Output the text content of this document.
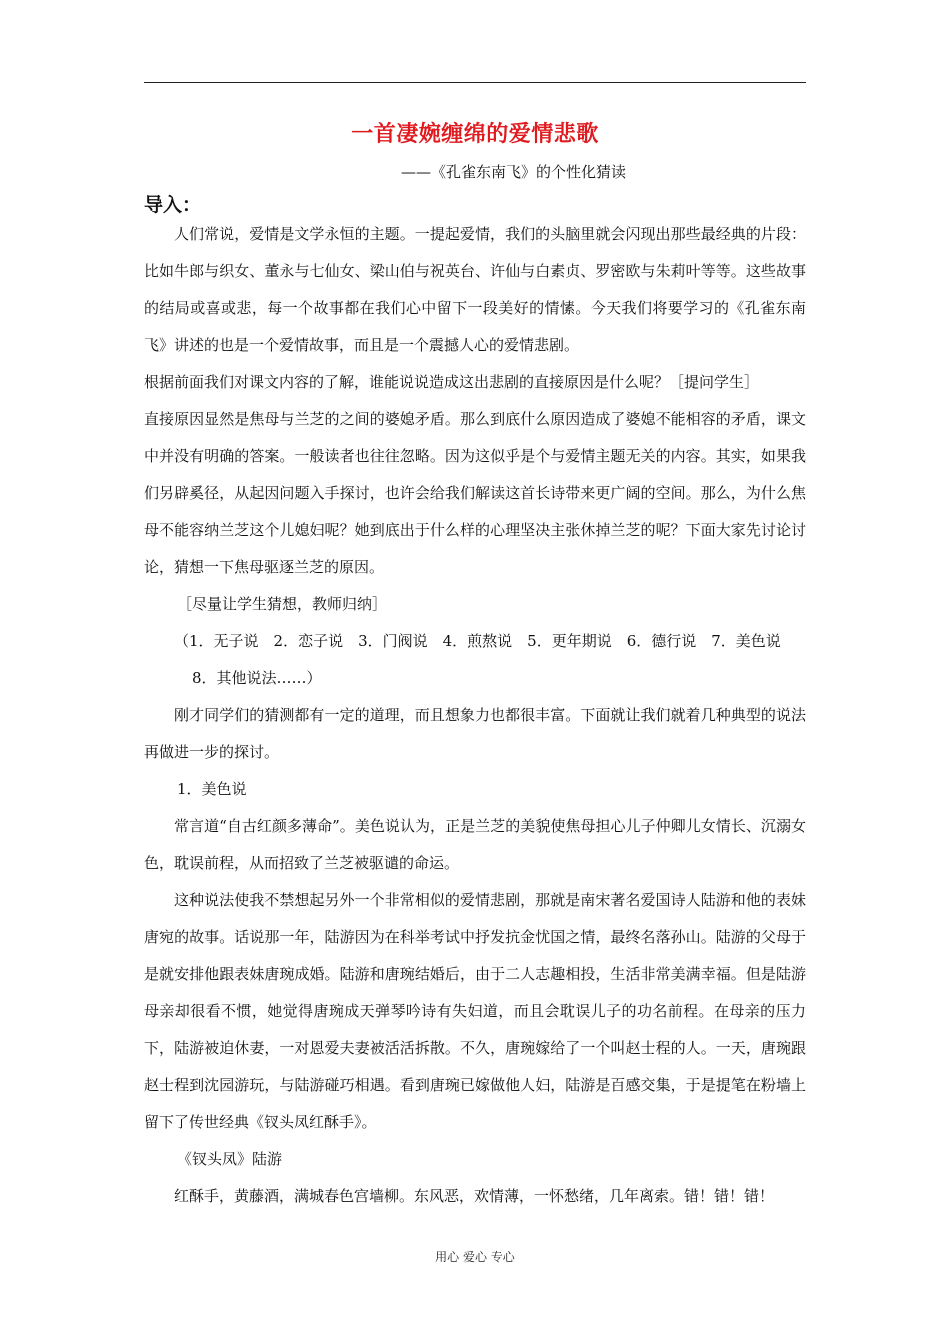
一首凄婉缠绵的爱情悲歌
——《孔雀东南飞》的个性化猜读
导入：

人们常说，爱情是文学永恒的主题。一提起爱情，我们的头脑里就会闪现出那些最经典的片段：比如牛郎与织女、董永与七仙女、梁山伯与祝英台、许仙与白素贞、罗密欧与朱莉叶等等。这些故事的结局或喜或悲，每一个故事都在我们心中留下一段美好的情愫。今天我们将要学习的《孔雀东南飞》讲述的也是一个爱情故事，而且是一个震撼人心的爱情悲剧。

根据前面我们对课文内容的了解，谁能说说造成这出悲剧的直接原因是什么呢？［提问学生］

直接原因显然是焦母与兰芝的之间的婆媳矛盾。那么到底什么原因造成了婆媳不能相容的矛盾，课文中并没有明确的答案。一般读者也往往忽略。因为这似乎是个与爱情主题无关的内容。其实，如果我们另辟奚径，从起因问题入手探讨，也许会给我们解读这首长诗带来更广阔的空间。那么，为什么焦母不能容纳兰芝这个儿媳妇呢？她到底出于什么样的心理坚决主张休掉兰芝的呢？下面大家先讨论讨论，猜想一下焦母驱逐兰芝的原因。

［尽量让学生猜想，教师归纳］

（1．无子说　2．恋子说　3．门阀说　4．煎熬说　5．更年期说　6．德行说　7．美色说

8．其他说法……）

刚才同学们的猜测都有一定的道理，而且想象力也都很丰富。下面就让我们就着几种典型的说法再做进一步的探讨。

1．美色说

常言道“自古红颜多薄命”。美色说认为，正是兰芝的美貌使焦母担心儿子仲卿儿女情长、沉溺女色，耽误前程，从而招致了兰芝被驱谴的命运。

这种说法使我不禁想起另外一个非常相似的爱情悲剧，那就是南宋著名爱国诗人陆游和他的表妹唐宛的故事。话说那一年，陆游因为在科举考试中抒发抗金忧国之情，最终名落孙山。陆游的父母于是就安排他跟表妹唐琬成婚。陆游和唐琬结婚后，由于二人志趣相投，生活非常美满幸福。但是陆游母亲却很看不惯，她觉得唐琬成天弹琴吟诗有失妇道，而且会耽误儿子的功名前程。在母亲的压力下，陆游被迫休妻，一对恩爱夫妻被活活拆散。不久，唐琬嫁给了一个叫赵士程的人。一天，唐琬跟赵士程到沈园游玩，与陆游碰巧相遇。看到唐琬已嫁做他人妇，陆游是百感交集，于是提笔在粉墙上留下了传世经典《钗头凤红酥手》。

《钗头凤》陆游

红酥手，黄藤酒，满城春色宫墙柳。东风恶，欢情薄，一怀愁绪，几年离索。错！错！错！

用心 爱心 专心
